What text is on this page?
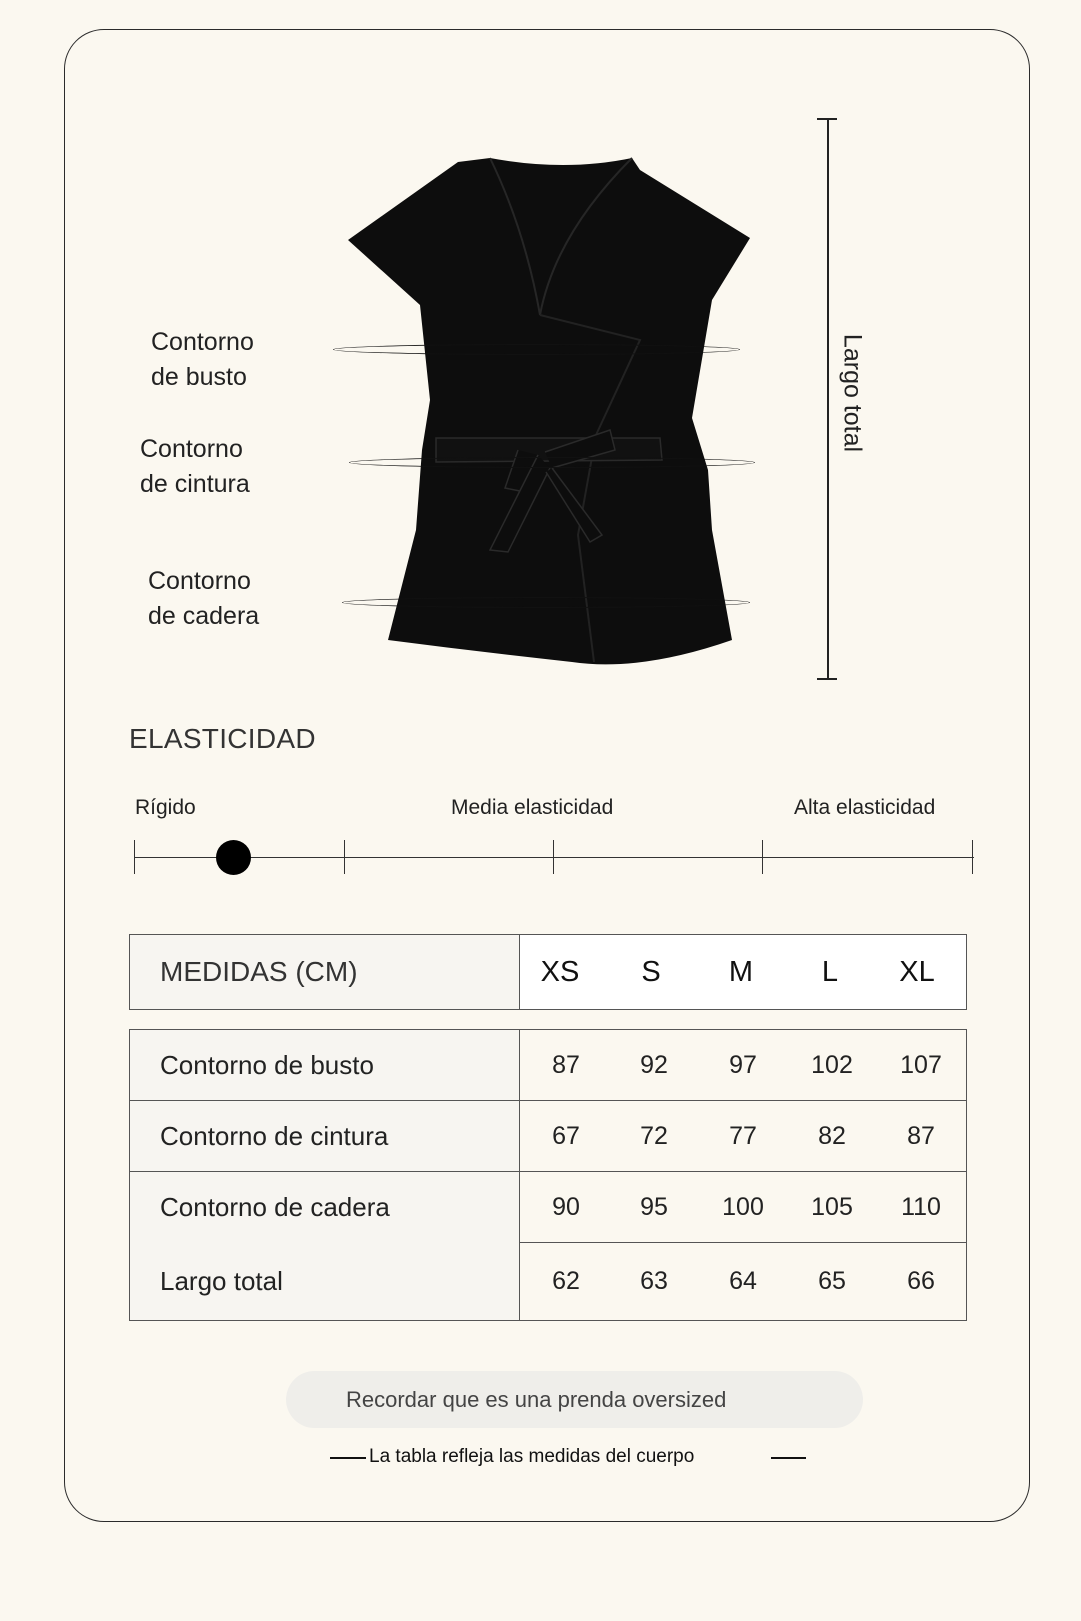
Contorno
de busto
Contorno
de cintura
Contorno
de cadera
Largo total
ELASTICIDAD
Rígido	Media elasticidad	Alta elasticidad
MEDIDAS (CM)	XS S M L XL
Contorno de busto	87 92 97 102 107
Contorno de cintura	67 72 77 82 87
Contorno de cadera	90 95 100 105 110
Largo total	62 63 64 65 66
Recordar que es una prenda oversized
La tabla refleja las medidas del cuerpo
